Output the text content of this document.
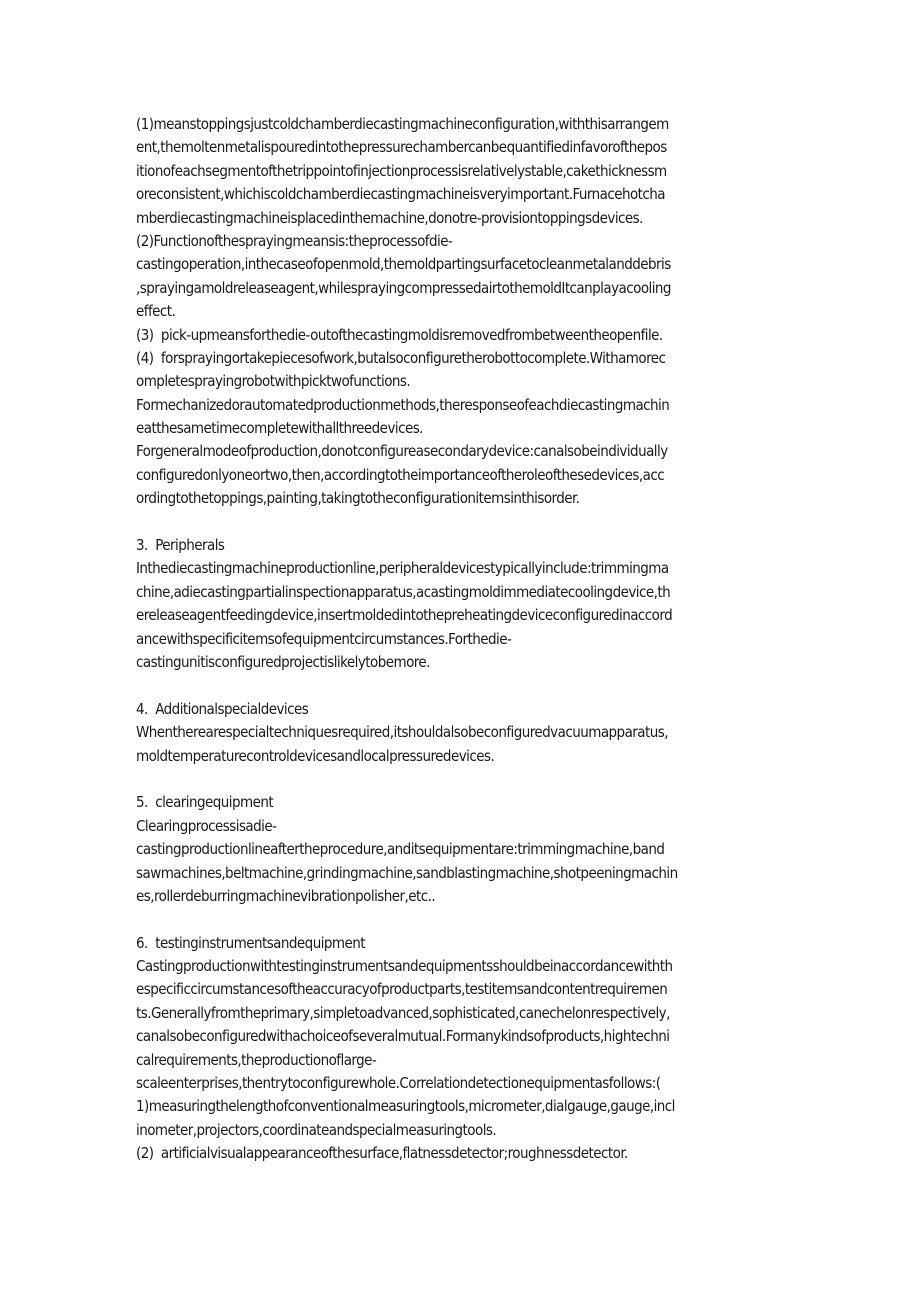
(1)meanstoppingsjustcoldchamberdiecastingmachineconfiguration,withthisarrangem
ent,themoltenmetalispouredintothepressurechambercanbequantifiedinfavorofthepos
itionofeachsegmentofthetrippointofinjectionprocessisrelativelystable,cakethicknessm
oreconsistent,whichiscoldchamberdiecastingmachineisveryimportant.Furnacehotcha
mberdiecastingmachineisplacedinthemachine,donotre-provisiontoppingsdevices.
(2)Functionofthesprayingmeansis:theprocessofdie-
castingoperation,inthecaseofopenmold,themoldpartingsurfacetocleanmetalanddebris
,sprayingamoldreleaseagent,whilesprayingcompressedairtothemoldItcanplayacooling
effect.
(3)  pick-upmeansforthedie-outofthecastingmoldisremovedfrombetweentheopenfile.
(4)  forsprayingortakepiecesofwork,butalsoconfiguretherobottocomplete.Withamorec
ompletesprayingrobotwithpicktwofunctions.
Formechanizedorautomatedproductionmethods,theresponseofeachdiecastingmachin
eatthesametimecompletewithallthreedevices.
Forgeneralmodeofproduction,donotconfigureasecondarydevice:canalsobeindividually
configuredonlyoneortwo,then,accordingtotheimportanceoftheroleofthesedevices,acc
ordingtothetoppings,painting,takingtotheconfigurationitemsinthisorder.
3.  Peripherals
Inthediecastingmachineproductionline,peripheraldevicestypicallyinclude:trimmingma
chine,adiecastingpartialinspectionapparatus,acastingmoldimmediatecoolingdevice,th
ereleaseagentfeedingdevice,insertmoldedintothepreheatingdeviceconfiguredinaccord
ancewithspecificitemsofequipmentcircumstances.Forthedie-
castingunitisconfiguredprojectislikelytobemore.
4.  Additionalspecialdevices
Whentherearespecialtechniquesrequired,itshouldalsobeconfiguredvacuumapparatus,
moldtemperaturecontroldevicesandlocalpressuredevices.
5.  clearingequipment
Clearingprocessisadie-
castingproductionlineaftertheprocedure,anditsequipmentare:trimmingmachine,band
sawmachines,beltmachine,grindingmachine,sandblastingmachine,shotpeeningmachin
es,rollerdeburringmachinevibrationpolisher,etc..
6.  testinginstrumentsandequipment
Castingproductionwithtestinginstrumentsandequipmentsshouldbeinaccordancewithth
especificcircumstancesoftheaccuracyofproductparts,testitemsandcontentrequiremen
ts.Generallyfromtheprimary,simpletoadvanced,sophisticated,canechelonrespectively,
canalsobeconfiguredwithachoiceofseveralmutual.Formanykindsofproducts,hightechni
calrequirements,theproductionoflarge-
scaleenterprises,thentrytoconfigurewhole.Correlationdetectionequipmentasfollows:(
1)measuringthelengthofconventionalmeasuringtools,micrometer,dialgauge,gauge,incl
inometer,projectors,coordinateandspecialmeasuringtools.
(2)  artificialvisualappearanceofthesurface,flatnessdetector;roughnessdetector.
